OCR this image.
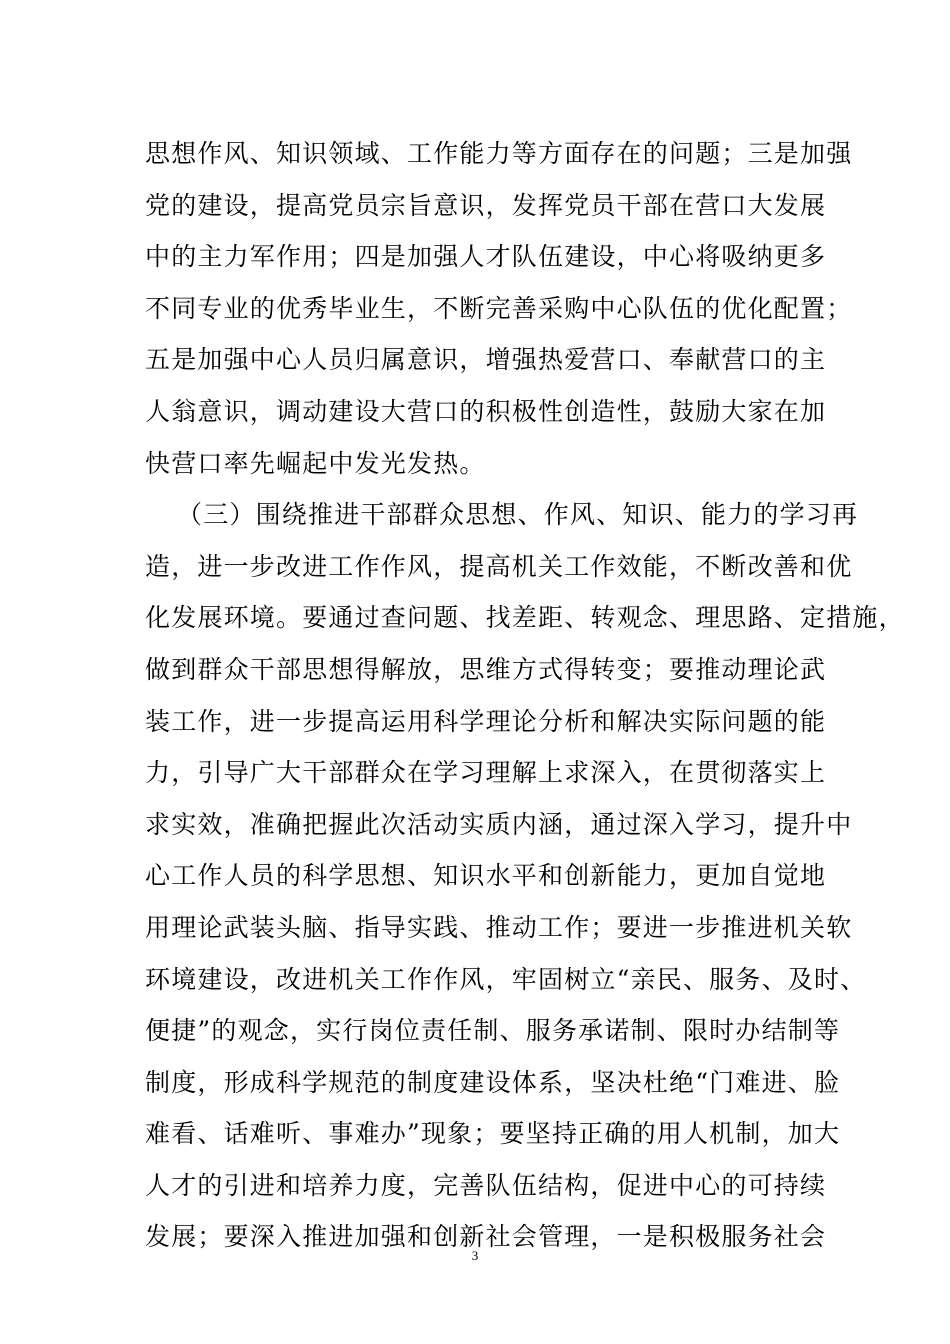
思想作风、知识领域、工作能力等方面存在的问题；三是加强
党的建设，提高党员宗旨意识，发挥党员干部在营口大发展
中的主力军作用；四是加强人才队伍建设，中心将吸纳更多
不同专业的优秀毕业生，不断完善采购中心队伍的优化配置；
五是加强中心人员归属意识，增强热爱营口、奉献营口的主
人翁意识，调动建设大营口的积极性创造性，鼓励大家在加
快营口率先崛起中发光发热。
（三）围绕推进干部群众思想、作风、知识、能力的学习再
造，进一步改进工作作风，提高机关工作效能，不断改善和优
化发展环境。要通过查问题、找差距、转观念、理思路、定措施，
做到群众干部思想得解放，思维方式得转变；要推动理论武
装工作，进一步提高运用科学理论分析和解决实际问题的能
力，引导广大干部群众在学习理解上求深入，在贯彻落实上
求实效，准确把握此次活动实质内涵，通过深入学习，提升中
心工作人员的科学思想、知识水平和创新能力，更加自觉地
用理论武装头脑、指导实践、推动工作；要进一步推进机关软
环境建设，改进机关工作作风，牢固树立“亲民、服务、及时、
便捷”的观念，实行岗位责任制、服务承诺制、限时办结制等
制度，形成科学规范的制度建设体系，坚决杜绝“门难进、脸
难看、话难听、事难办”现象；要坚持正确的用人机制，加大
人才的引进和培养力度，完善队伍结构，促进中心的可持续
发展；要深入推进加强和创新社会管理，一是积极服务社会
3
